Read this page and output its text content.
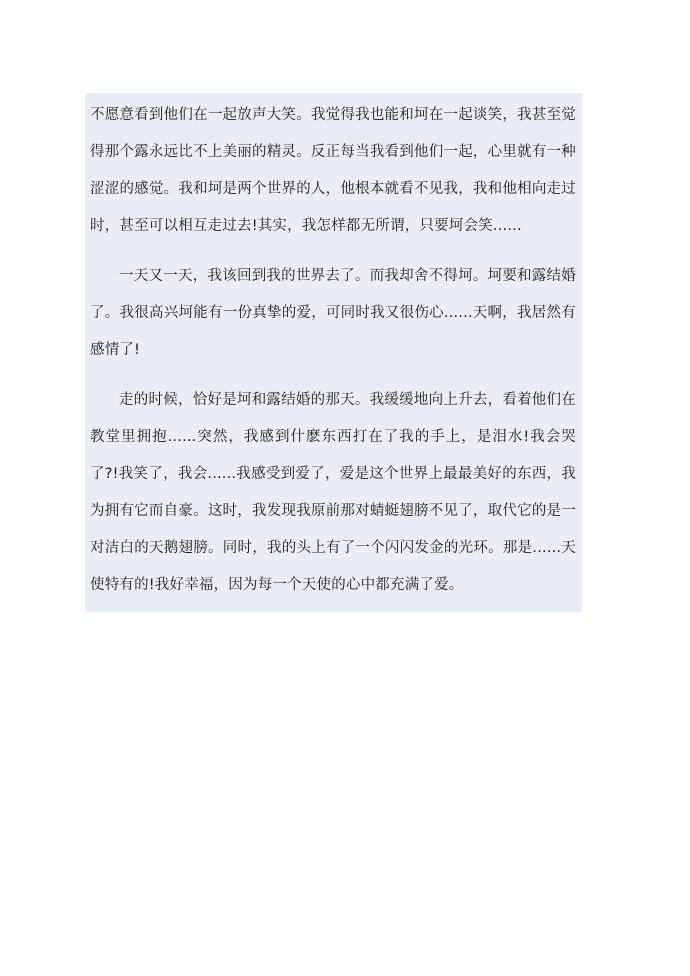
不愿意看到他们在一起放声大笑。我觉得我也能和坷在一起谈笑，我甚至觉得那个露永远比不上美丽的精灵。反正每当我看到他们一起，心里就有一种涩涩的感觉。我和坷是两个世界的人，他根本就看不见我，我和他相向走过时，甚至可以相互走过去!其实，我怎样都无所谓，只要坷会笑......

一天又一天，我该回到我的世界去了。而我却舍不得坷。坷要和露结婚了。我很高兴坷能有一份真挚的爱，可同时我又很伤心......天啊，我居然有感情了!

走的时候，恰好是坷和露结婚的那天。我缓缓地向上升去，看着他们在教堂里拥抱......突然，我感到什麽东西打在了我的手上，是泪水!我会哭了?!我笑了，我会......我感受到爱了，爱是这个世界上最最美好的东西，我为拥有它而自豪。这时，我发现我原前那对蜻蜓翅膀不见了，取代它的是一对洁白的天鹅翅膀。同时，我的头上有了一个闪闪发金的光环。那是......天使特有的!我好幸福，因为每一个天使的心中都充满了爱。
